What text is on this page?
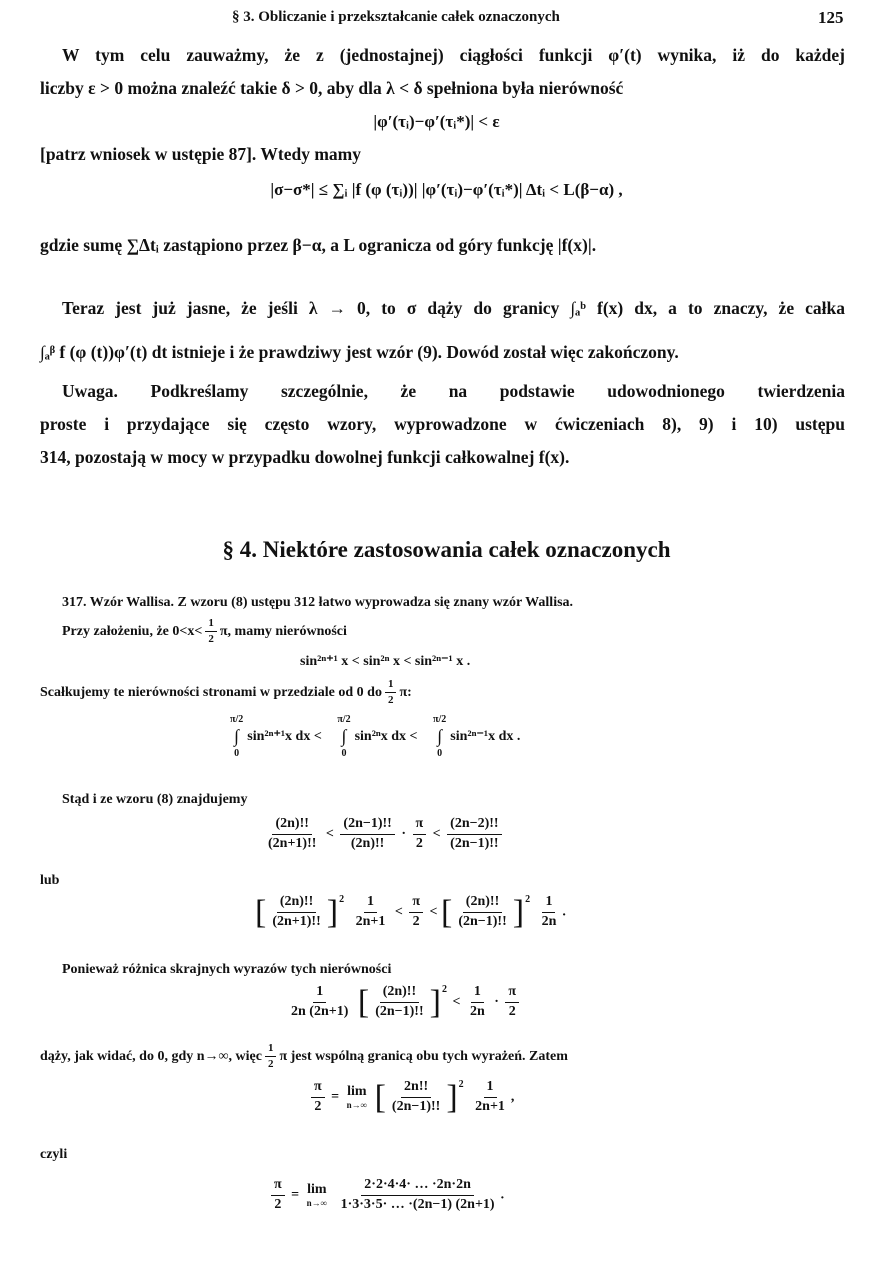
§ 3. Obliczanie i przekształcanie całek oznaczonych	125
W tym celu zauważmy, że z (jednostajnej) ciągłości funkcji φ′(t) wynika, iż do każdej
liczby ε > 0 można znaleźć takie δ > 0, aby dla λ < δ spełniona była nierówność
|φ′(τᵢ)−φ′(τᵢ*)| < ε
[patrz wniosek w ustępie 87]. Wtedy mamy
|σ−σ*| ≤ ∑ᵢ |f (φ (τᵢ))| |φ′(τᵢ)−φ′(τᵢ*)| Δtᵢ < L(β−α) ,
gdzie sumę ∑Δtᵢ zastąpiono przez β−α, a L ogranicza od góry funkcję |f(x)|.
Teraz jest już jasne, że jeśli λ → 0, to σ dąży do granicy ∫ₐᵇ f(x) dx, a to znaczy, że całka
∫ₐᵝ f (φ (t))φ′(t) dt istnieje i że prawdziwy jest wzór (9). Dowód został więc zakończony.
Uwaga. Podkreślamy szczególnie, że na podstawie udowodnionego twierdzenia
proste i przydające się często wzory, wyprowadzone w ćwiczeniach 8), 9) i 10) ustępu
314, pozostają w mocy w przypadku dowolnej funkcji całkowalnej f(x).
§ 4. Niektóre zastosowania całek oznaczonych
317. Wzór Wallisa. Z wzoru (8) ustępu 312 łatwo wyprowadza się znany wzór Wallisa.
Przy założeniu, że $0<x< \frac{1}{2} \pi$, mamy nierówności
sin²ⁿ⁺¹ x < sin²ⁿ x < sin²ⁿ⁻¹ x .
Scałkujemy te nierówności stronami w przedziale od 0 do $\frac{1}{2} \pi$:
π/2
∫
0
sin²ⁿ⁺¹x dx <
π/2
∫
0
sin²ⁿx dx <
π/2
∫
0
sin²ⁿ⁻¹x dx .
Stąd i ze wzoru (8) znajdujemy
$\frac{(2n)!!}{(2n+1)!!} < \frac{(2n-1)!!}{(2n)!!} \cdot \frac{\pi}{2} < \frac{(2n-2)!!}{(2n-1)!!}$
lub
[ $\frac{(2n)!!}{(2n+1)!!} ]2 \frac{1}{2n+1} < \frac{\pi}{2}$ < [ $\frac{(2n)!!}{(2n-1)!!} ]2 \frac{1}{2n}$ .
Ponieważ różnica skrajnych wyrazów tych nierówności
$\frac{1}{2n (2n+1)}$ [ $\frac{(2n)!!}{(2n-1)!!} ]2 < \frac{1}{2n} \cdot \frac{\pi}{2}$
dąży, jak widać, do 0, gdy n→∞, więc $\frac{1}{2}$ π jest wspólną granicą obu tych wyrażeń. Zatem
$\frac{\pi}{2} = \lim$
n→∞ [ $\frac{2n!!}{(2n-1)!!} ]2 \frac{1}{2n+1}$ ,
czyli
$\frac{\pi}{2} = \lim$
n→∞
$\frac{2\cdot 2\cdot 4\cdot 4\cdot \dots \cdot 2n\cdot 2n}{1\cdot 3\cdot 3\cdot 5\cdot \dots \cdot(2n-1) (2n+1)}$ .
